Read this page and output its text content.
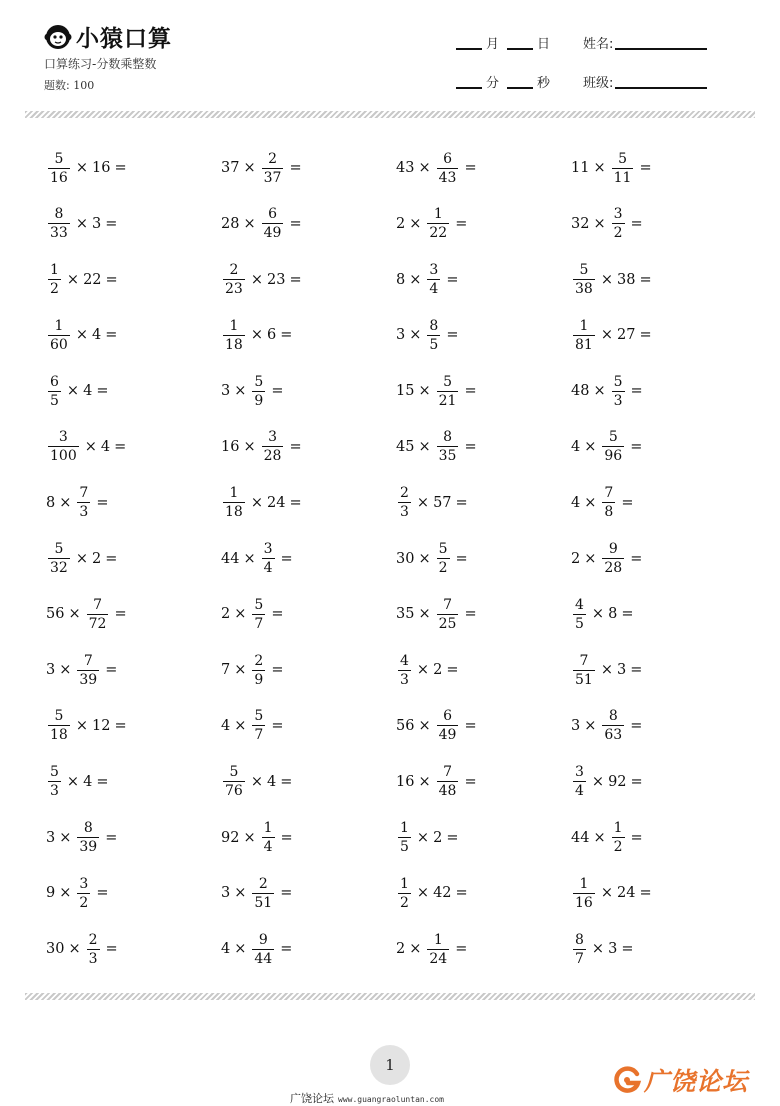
小猿口算
口算练习-分数乘整数
题数: 100
月	日
分	秒
姓名:
班级:
$\frac{5}{16} \times 16$ =	$37 \times \frac{2}{37}$ =	$43 \times \frac{6}{43}$ =	$11 \times \frac{5}{11}$ =
$\frac{8}{33} \times 3$ =	$28 \times \frac{6}{49}$ =	$2 \times \frac{1}{22}$ =	$32 \times \frac{3}{2}$ =
$\frac{1}{2} \times 22$ =	$\frac{2}{23} \times 23$ =	$8 \times \frac{3}{4}$ =	$\frac{5}{38} \times 38$ =
$\frac{1}{60} \times 4$ =	$\frac{1}{18} \times 6$ =	$3 \times \frac{8}{5}$ =	$\frac{1}{81} \times 27$ =
$\frac{6}{5} \times 4$ =	$3 \times \frac{5}{9}$ =	$15 \times \frac{5}{21}$ =	$48 \times \frac{5}{3}$ =
$\frac{3}{100} \times 4$ =	$16 \times \frac{3}{28}$ =	$45 \times \frac{8}{35}$ =	$4 \times \frac{5}{96}$ =
$8 \times \frac{7}{3}$ =	$\frac{1}{18} \times 24$ =	$\frac{2}{3} \times 57$ =	$4 \times \frac{7}{8}$ =
$\frac{5}{32} \times 2$ =	$44 \times \frac{3}{4}$ =	$30 \times \frac{5}{2}$ =	$2 \times \frac{9}{28}$ =
$56 \times \frac{7}{72}$ =	$2 \times \frac{5}{7}$ =	$35 \times \frac{7}{25}$ =	$\frac{4}{5} \times 8$ =
$3 \times \frac{7}{39}$ =	$7 \times \frac{2}{9}$ =	$\frac{4}{3} \times 2$ =	$\frac{7}{51} \times 3$ =
$\frac{5}{18} \times 12$ =	$4 \times \frac{5}{7}$ =	$56 \times \frac{6}{49}$ =	$3 \times \frac{8}{63}$ =
$\frac{5}{3} \times 4$ =	$\frac{5}{76} \times 4$ =	$16 \times \frac{7}{48}$ =	$\frac{3}{4} \times 92$ =
$3 \times \frac{8}{39}$ =	$92 \times \frac{1}{4}$ =	$\frac{1}{5} \times 2$ =	$44 \times \frac{1}{2}$ =
$9 \times \frac{3}{2}$ =	$3 \times \frac{2}{51}$ =	$\frac{1}{2} \times 42$ =	$\frac{1}{16} \times 24$ =
$30 \times \frac{2}{3}$ =	$4 \times \frac{9}{44}$ =	$2 \times \frac{1}{24}$ =	$\frac{8}{7} \times 3$ =
1
广饶论坛 www.guangraoluntan.com
广饶论坛
